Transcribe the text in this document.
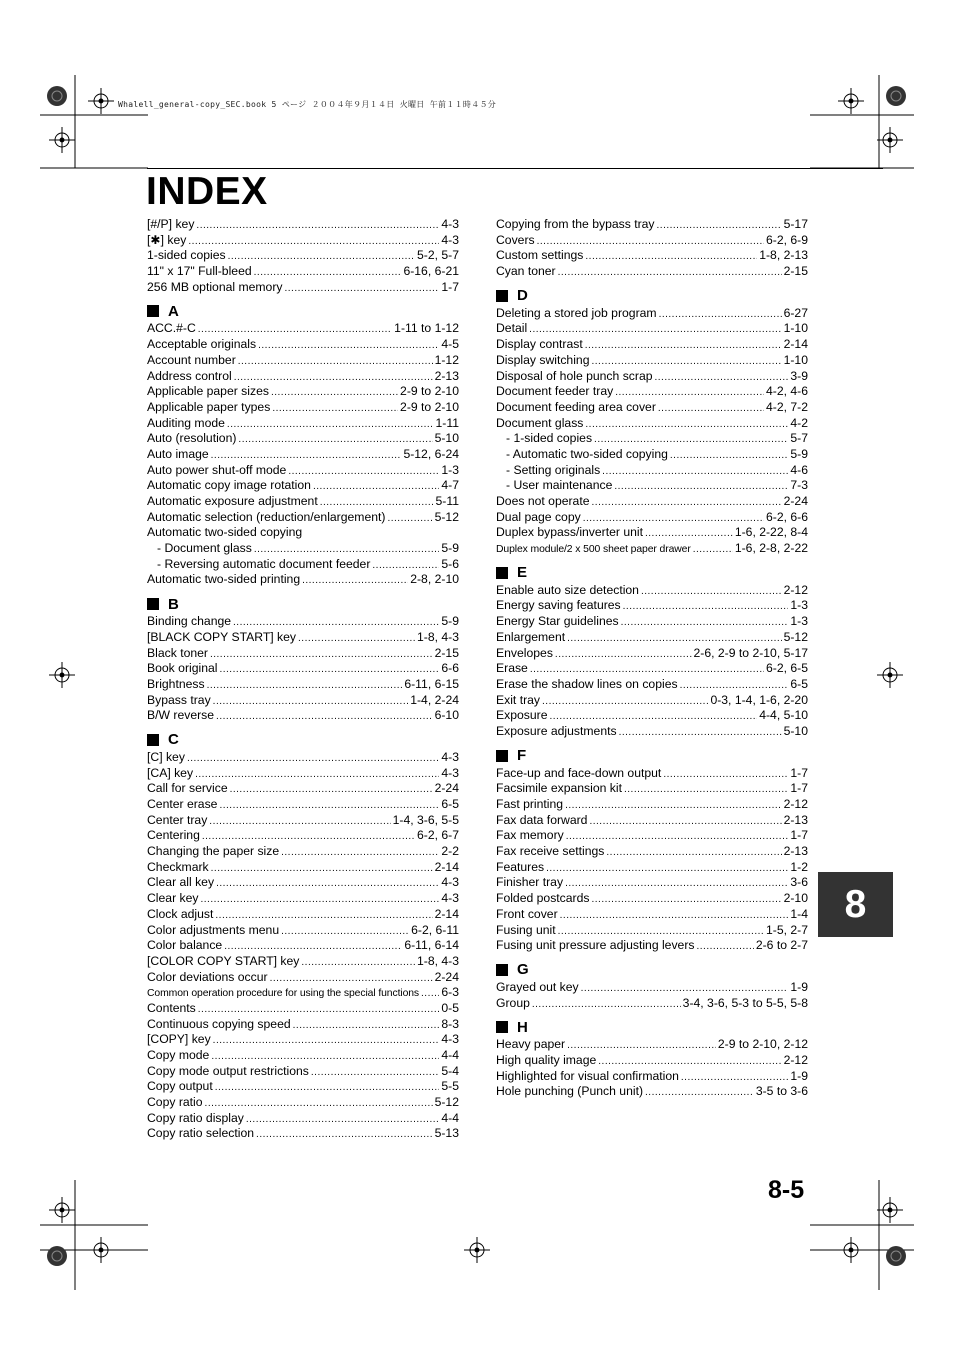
Whalell_general-copy_SEC.book 5 ページ ２００４年９月１４日 火曜日 午前１１時４５分
INDEX
[#/P] key .....	4-3
[✱] key .....	4-3
1-sided copies .....	5-2, 5-7
11" x 17" Full-bleed .....	6-16, 6-21
256 MB optional memory .....	1-7
A
ACC.#-C .....	1-11 to 1-12
Acceptable originals .....	4-5
Account number .....	1-12
Address control .....	2-13
Applicable paper sizes .....	2-9 to 2-10
Applicable paper types .....	2-9 to 2-10
Auditing mode .....	1-11
Auto (resolution) .....	5-10
Auto image .....	5-12, 6-24
Auto power shut-off mode .....	1-3
Automatic copy image rotation .....	4-7
Automatic exposure adjustment .....	5-11
Automatic selection (reduction/enlargement) .....	5-12
Automatic two-sided copying
- Document glass .....	5-9
- Reversing automatic document feeder .....	5-6
Automatic two-sided printing .....	2-8, 2-10
B
Binding change .....	5-9
[BLACK COPY START] key .....	1-8, 4-3
Black toner .....	2-15
Book original .....	6-6
Brightness .....	6-11, 6-15
Bypass tray .....	1-4, 2-24
B/W reverse .....	6-10
C
[C] key .....	4-3
[CA] key .....	4-3
Call for service .....	2-24
Center erase .....	6-5
Center tray .....	1-4, 3-6, 5-5
Centering .....	6-2, 6-7
Changing the paper size .....	2-2
Checkmark .....	2-14
Clear all key .....	4-3
Clear key .....	4-3
Clock adjust .....	2-14
Color adjustments menu .....	6-2, 6-11
Color balance .....	6-11, 6-14
[COLOR COPY START] key .....	1-8, 4-3
Color deviations occur .....	2-24
Common operation procedure for using the special functions ..... 6-3
Contents .....	0-5
Continuous copying speed .....	8-3
[COPY] key .....	4-3
Copy mode .....	4-4
Copy mode output restrictions .....	5-4
Copy output .....	5-5
Copy ratio .....	5-12
Copy ratio display .....	4-4
Copy ratio selection .....	5-13
Copying from the bypass tray .....	5-17
Covers .....	6-2, 6-9
Custom settings .....	1-8, 2-13
Cyan toner .....	2-15
D
Deleting a stored job program .....	6-27
Detail .....	1-10
Display contrast .....	2-14
Display switching .....	1-10
Disposal of hole punch scrap .....	3-9
Document feeder tray .....	4-2, 4-6
Document feeding area cover .....	4-2, 7-2
Document glass .....	4-2
- 1-sided copies .....	5-7
- Automatic two-sided copying .....	5-9
- Setting originals .....	4-6
- User maintenance .....	7-3
Does not operate .....	2-24
Dual page copy .....	6-2, 6-6
Duplex bypass/inverter unit .....	1-6, 2-22, 8-4
Duplex module/2 x 500 sheet paper drawer .....	1-6, 2-8, 2-22
E
Enable auto size detection .....	2-12
Energy saving features .....	1-3
Energy Star guidelines .....	1-3
Enlargement .....	5-12
Envelopes .....	2-6, 2-9 to 2-10, 5-17
Erase .....	6-2, 6-5
Erase the shadow lines on copies .....	6-5
Exit tray .....	0-3, 1-4, 1-6, 2-20
Exposure .....	4-4, 5-10
Exposure adjustments .....	5-10
F
Face-up and face-down output .....	1-7
Facsimile expansion kit .....	1-7
Fast printing .....	2-12
Fax data forward .....	2-13
Fax memory .....	1-7
Fax receive settings .....	2-13
Features .....	1-2
Finisher tray .....	3-6
Folded postcards .....	2-10
Front cover .....	1-4
Fusing unit .....	1-5, 2-7
Fusing unit pressure adjusting levers .....	2-6 to 2-7
G
Grayed out key .....	1-9
Group .....	3-4, 3-6, 5-3 to 5-5, 5-8
H
Heavy paper .....	2-9 to 2-10, 2-12
High quality image .....	2-12
Highlighted for visual confirmation .....	1-9
Hole punching (Punch unit) .....	3-5 to 3-6
8
8-5
